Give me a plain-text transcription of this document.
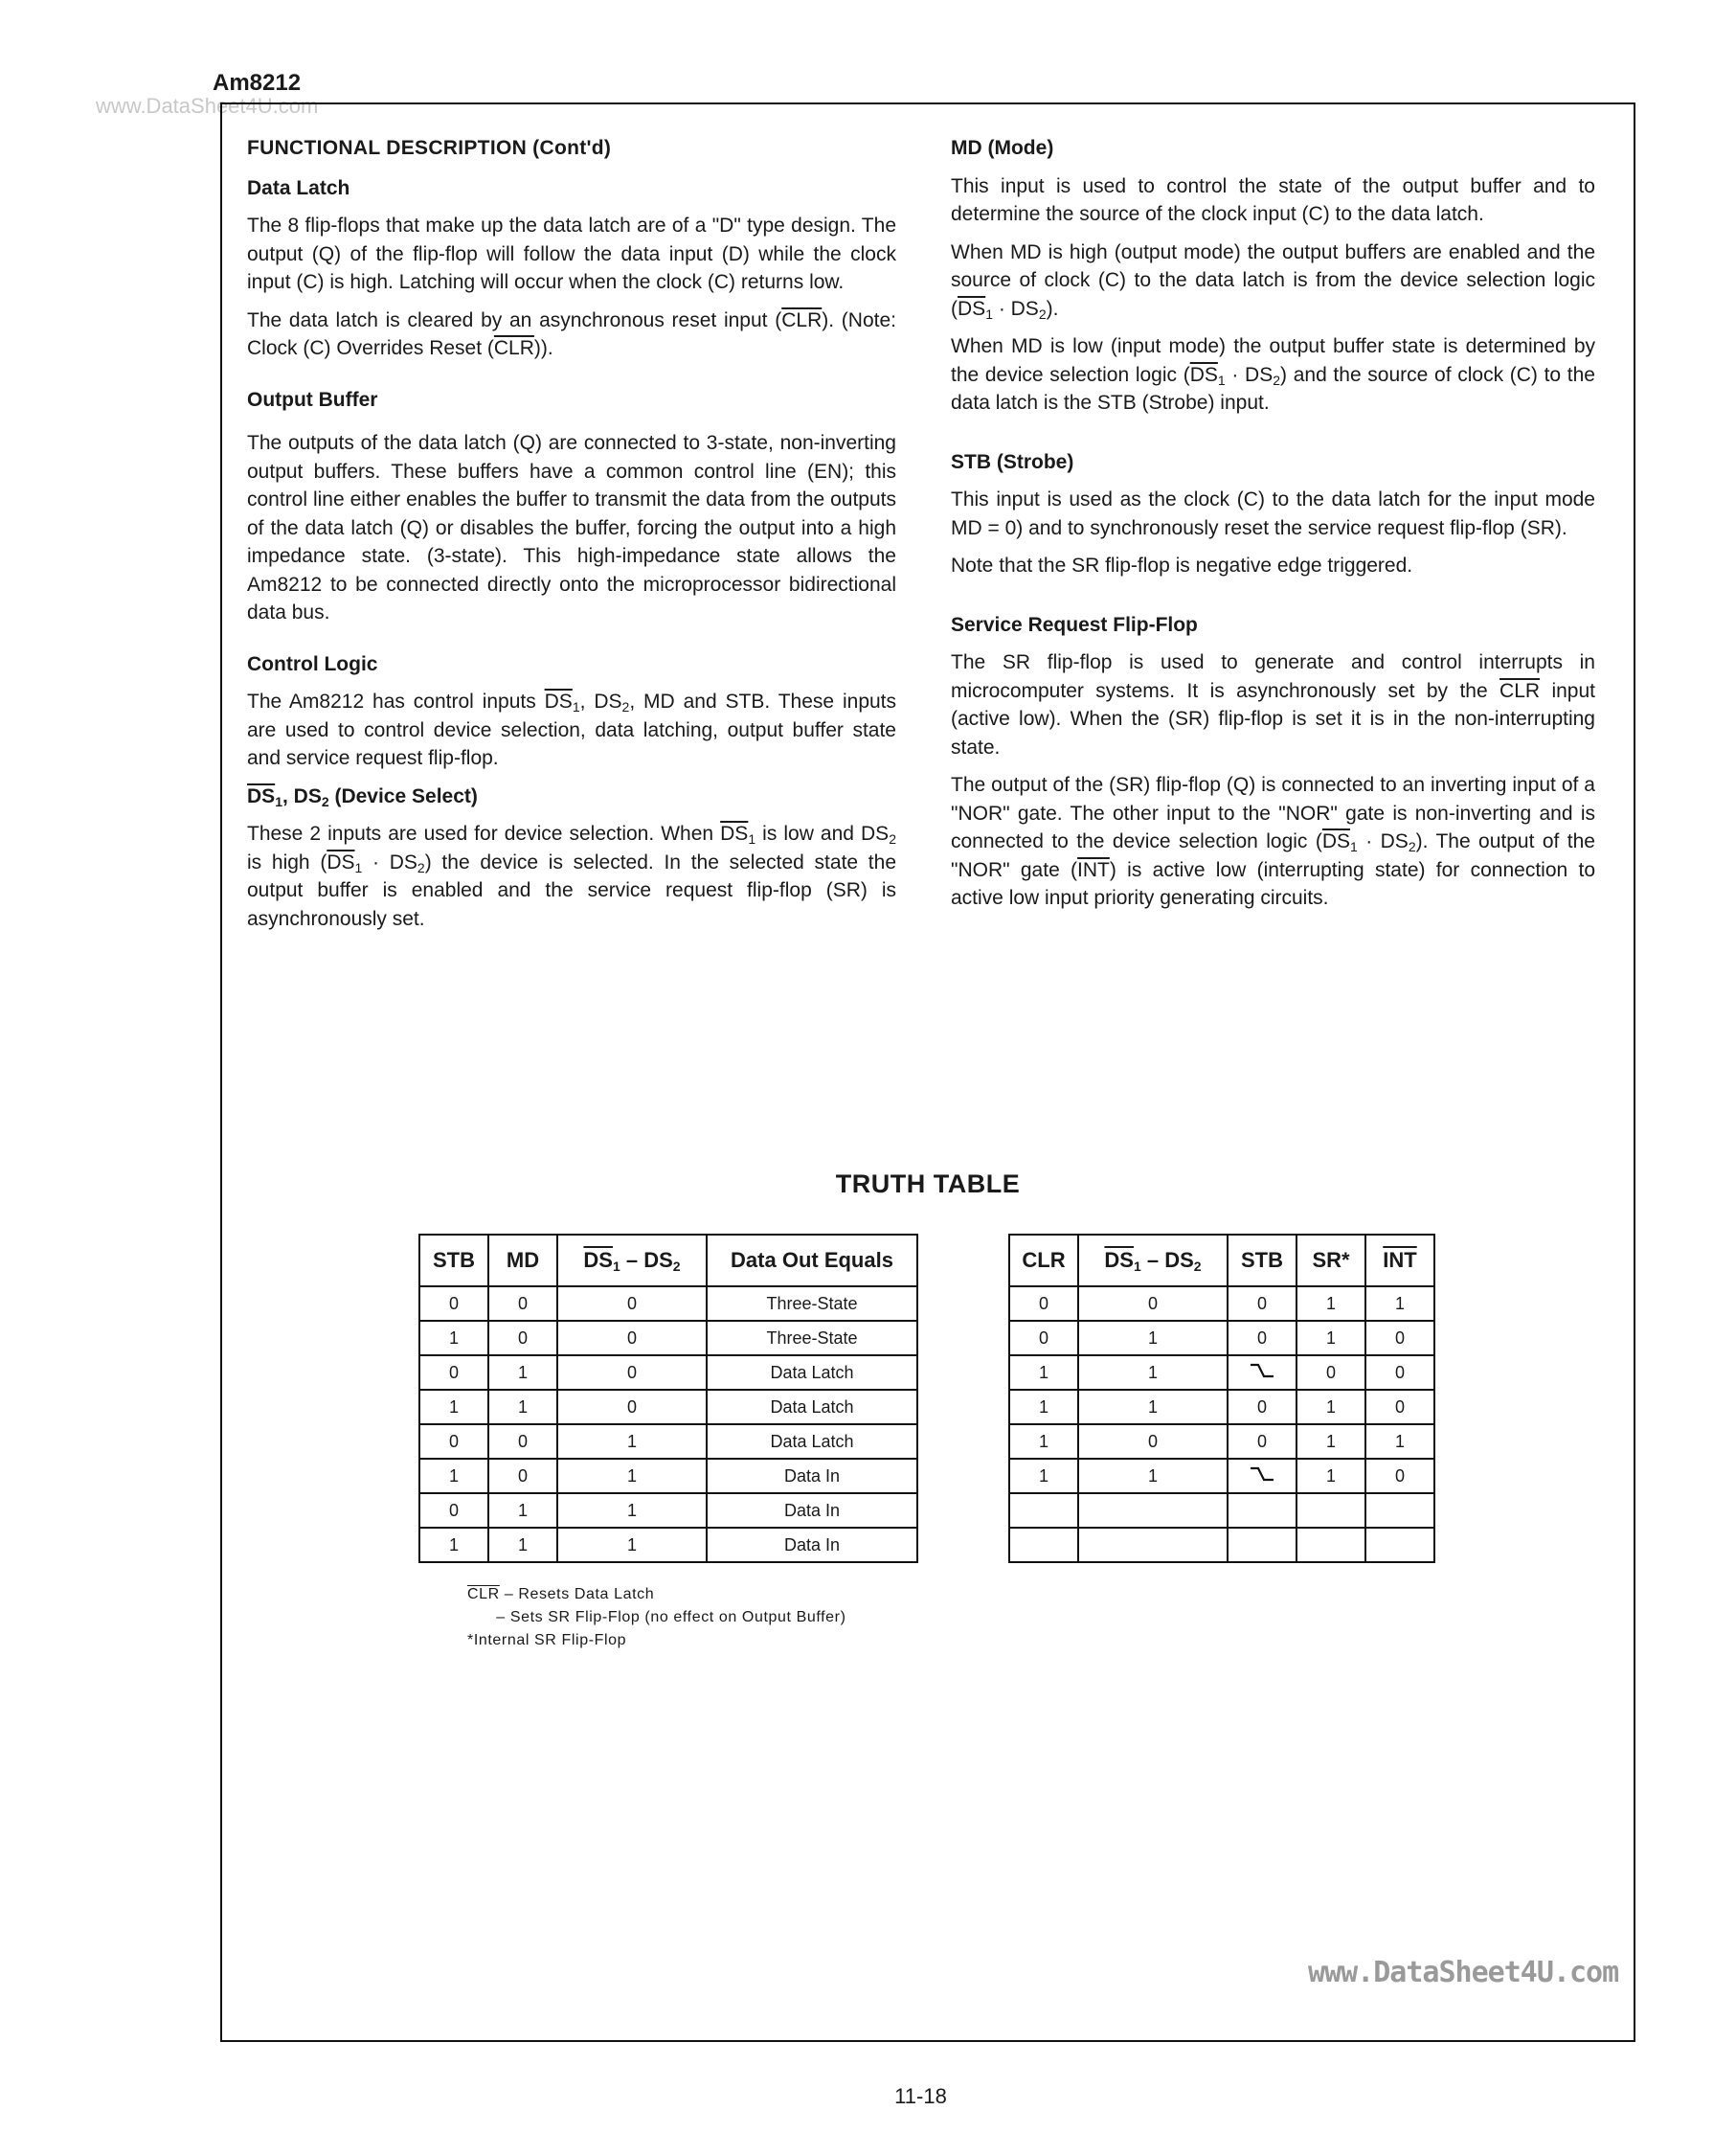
www.DataSheet4U.com
Am8212
FUNCTIONAL DESCRIPTION (Cont'd)
Data Latch

The 8 flip-flops that make up the data latch are of a "D" type design. The output (Q) of the flip-flop will follow the data input (D) while the clock input (C) is high. Latching will occur when the clock (C) returns low.

The data latch is cleared by an asynchronous reset input $(\overline{CLR})$. (Note: Clock (C) Overrides Reset $(\overline{CLR})$).

Output Buffer

The outputs of the data latch (Q) are connected to 3-state, non-inverting output buffers. These buffers have a common control line (EN); this control line either enables the buffer to transmit the data from the outputs of the data latch (Q) or disables the buffer, forcing the output into a high impedance state. (3-state). This high-impedance state allows the Am8212 to be connected directly onto the microprocessor bidirectional data bus.

Control Logic

The Am8212 has control inputs $\overline{DS}_1$, $DS_2$, MD and STB. These inputs are used to control device selection, data latching, output buffer state and service request flip-flop.

$\overline{DS}_1$, $DS_2$ (Device Select)

These 2 inputs are used for device selection. When $\overline{DS}_1$ is low and $DS_2$ is high $(\overline{DS}_1 \cdot DS_2)$ the device is selected. In the selected state the output buffer is enabled and the service request flip-flop (SR) is asynchronously set.

MD (Mode)

This input is used to control the state of the output buffer and to determine the source of the clock input (C) to the data latch.

When MD is high (output mode) the output buffers are enabled and the source of clock (C) to the data latch is from the device selection logic $(\overline{DS}_1 \cdot DS_2)$.

When MD is low (input mode) the output buffer state is determined by the device selection logic $(\overline{DS}_1 \cdot DS_2)$ and the source of clock (C) to the data latch is the STB (Strobe) input.

STB (Strobe)

This input is used as the clock (C) to the data latch for the input mode MD = 0) and to synchronously reset the service request flip-flop (SR).

Note that the SR flip-flop is negative edge triggered.

Service Request Flip-Flop

The SR flip-flop is used to generate and control interrupts in microcomputer systems. It is asynchronously set by the $\overline{CLR}$ input (active low). When the (SR) flip-flop is set it is in the non-interrupting state.

The output of the (SR) flip-flop (Q) is connected to an inverting input of a "NOR" gate. The other input to the "NOR" gate is non-inverting and is connected to the device selection logic $(\overline{DS}_1 \cdot DS_2)$. The output of the "NOR" gate $(\overline{INT})$ is active low (interrupting state) for connection to active low input priority generating circuits.

TRUTH TABLE
STB	MD	$\overline{DS}_1 - DS_2$	Data Out Equals
0	0	0	Three-State
1	0	0	Three-State
0	1	0	Data Latch
1	1	0	Data Latch
0	0	1	Data Latch
1	0	1	Data In
0	1	1	Data In
1	1	1	Data In
CLR	$\overline{DS}_1 - DS_2$	STB	SR*	$\overline{INT}$
0	0	0	1	1
0	1	0	1	0
1	1		0	0
1	1	0	1	0
1	0	0	1	1
1	1		1	0

$\overline{CLR}$ – Resets Data Latch
– Sets SR Flip-Flop (no effect on Output Buffer)
*Internal SR Flip-Flop
www.DataSheet4U.com
11-18
